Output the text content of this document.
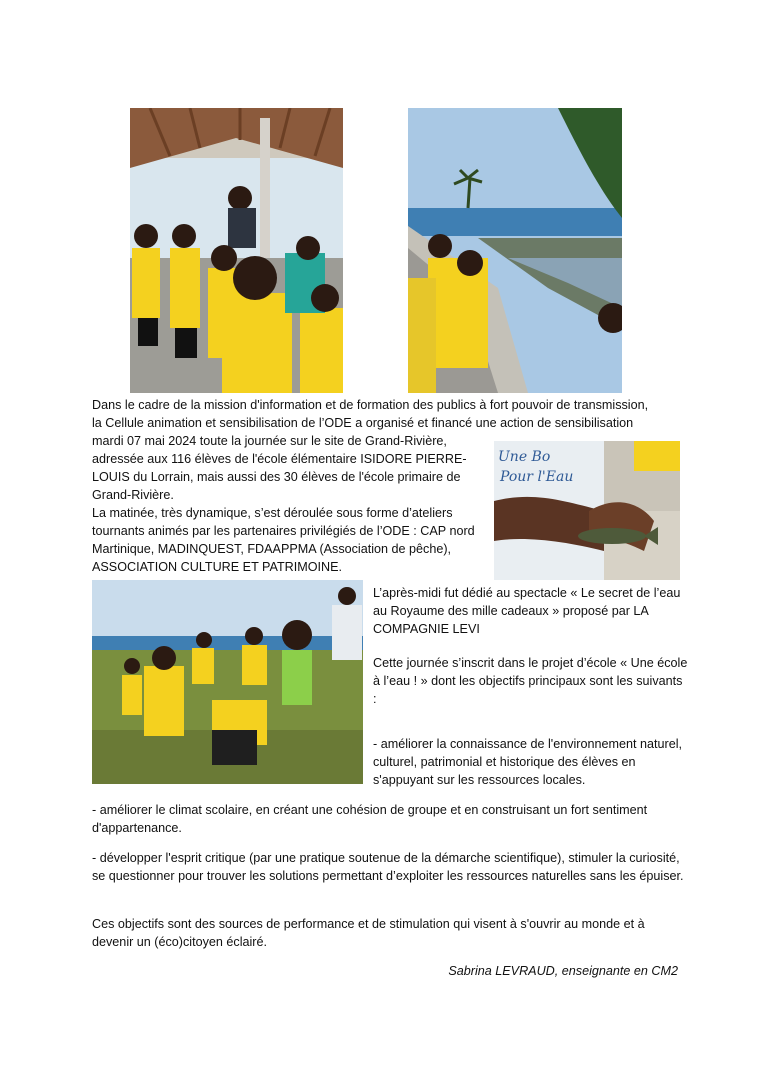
Dans le cadre de la mission d'information et de formation des publics à fort pouvoir de transmission,

la Cellule animation et sensibilisation de l’ODE a organisé et financé une action de sensibilisation

mardi 07 mai 2024 toute la journée sur le site de Grand-Rivière, adressée aux 116 élèves de l'école élémentaire ISIDORE PIERRE-LOUIS du Lorrain, mais aussi des 30 élèves de l'école primaire de Grand-Rivière.

La matinée, très dynamique, s’est déroulée sous forme d’ateliers tournants animés par les partenaires privilégiés de l’ODE : CAP nord Martinique, MADINQUEST, FDAAPPMA (Association de pêche), ASSOCIATION CULTURE ET PATRIMOINE.

Une Bo
Pour l'Eau

L’après-midi fut dédié au spectacle « Le secret de l’eau au Royaume des mille cadeaux » proposé par LA COMPAGNIE LEVI

Cette journée s’inscrit dans le projet d’école « Une école à l’eau ! » dont les objectifs principaux sont les suivants :

- améliorer la connaissance de l'environnement naturel, culturel, patrimonial et historique des élèves en s'appuyant sur les ressources locales.

- améliorer le climat scolaire, en créant une cohésion de groupe et en construisant un fort sentiment d'appartenance.

- développer l'esprit critique (par une pratique soutenue de la démarche scientifique), stimuler la curiosité, se questionner pour trouver les solutions permettant d’exploiter les ressources naturelles sans les épuiser.

Ces objectifs sont des sources de performance et de stimulation qui visent à s'ouvrir au monde et à devenir un (éco)citoyen éclairé.

Sabrina LEVRAUD, enseignante en CM2
